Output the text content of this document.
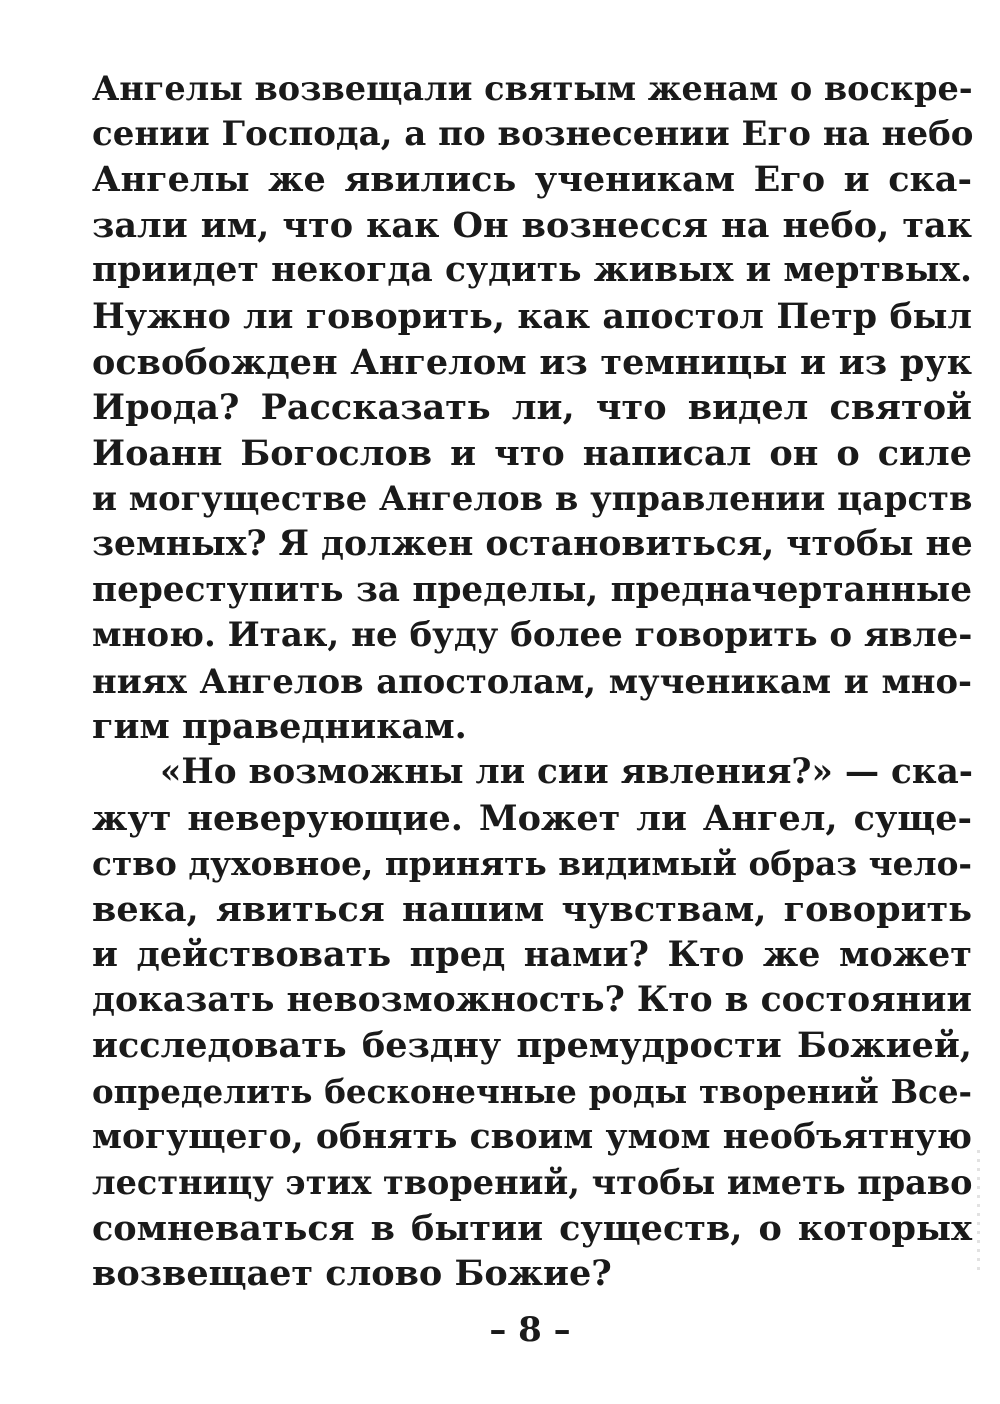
Ангелы возвещали святым женам о воскре-
сении Господа, а по вознесении Его на небо
Ангелы же явились ученикам Его и ска-
зали им, что как Он вознесся на небо, так
приидет некогда судить живых и мертвых.
Нужно ли говорить, как апостол Петр был
освобожден Ангелом из темницы и из рук
Ирода? Рассказать ли, что видел святой
Иоанн Богослов и что написал он о силе
и могуществе Ангелов в управлении царств
земных? Я должен остановиться, чтобы не
переступить за пределы, предначертанные
мною. Итак, не буду более говорить о явле-
ниях Ангелов апостолам, мученикам и мно-
гим праведникам.
«Но возможны ли сии явления?» — ска-
жут неверующие. Может ли Ангел, суще-
ство духовное, принять видимый образ чело-
века, явиться нашим чувствам, говорить
и действовать пред нами? Кто же может
доказать невозможность? Кто в состоянии
исследовать бездну премудрости Божией,
определить бесконечные роды творений Все-
могущего, обнять своим умом необъятную
лестницу этих творений, чтобы иметь право
сомневаться в бытии существ, о которых
возвещает слово Божие?
– 8 –
